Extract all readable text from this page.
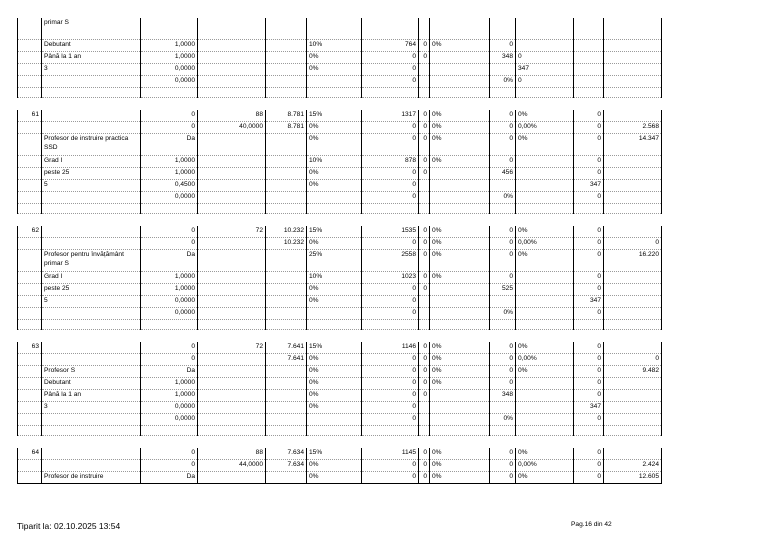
	primar S											
	Debutant	1,0000			10%	764	0	0%	0			
	Până la 1 an	1,0000			0%	0	0		348	0		
	3	0,0000			0%	0				347		
		0,0000				0			0%	0		

61		0	88	8.781	15%	1317	0	0%	0	0%	0	
		0	40,0000	8.781	0%	0	0	0%	0	0,00%	0	2.568
	Profesor de instruire practica SSD	Da			0%	0	0	0%	0	0%	0	14.347
	Grad I	1,0000			10%	878	0	0%	0		0	
	peste 25	1,0000			0%	0	0		456		0	
	5	0,4500			0%	0					347	
		0,0000				0			0%		0	

62		0	72	10.232	15%	1535	0	0%	0	0%	0	
		0		10.232	0%	0	0	0%	0	0,00%	0	0
	Profesor pentru învățământ primar S	Da			25%	2558	0	0%	0	0%	0	16.220
	Grad I	1,0000			10%	1023	0	0%	0		0	
	peste 25	1,0000			0%	0	0		525		0	
	5	0,0000			0%	0					347	
		0,0000				0			0%		0	

63		0	72	7.641	15%	1146	0	0%	0	0%	0	
		0		7.641	0%	0	0	0%	0	0,00%	0	0
	Profesor S	Da			0%	0	0	0%	0	0%	0	9.482
	Debutant	1,0000			0%	0	0	0%	0		0	
	Până la 1 an	1,0000			0%	0	0		348		0	
	3	0,0000			0%	0					347	
		0,0000				0			0%		0	

64		0	88	7.634	15%	1145	0	0%	0	0%	0	
		0	44,0000	7.634	0%	0	0	0%	0	0,00%	0	2.424
	Profesor de instruire	Da			0%	0	0	0%	0	0%	0	12.605
Tiparit la: 02.10.2025 13:54	Pag.16 din 42
